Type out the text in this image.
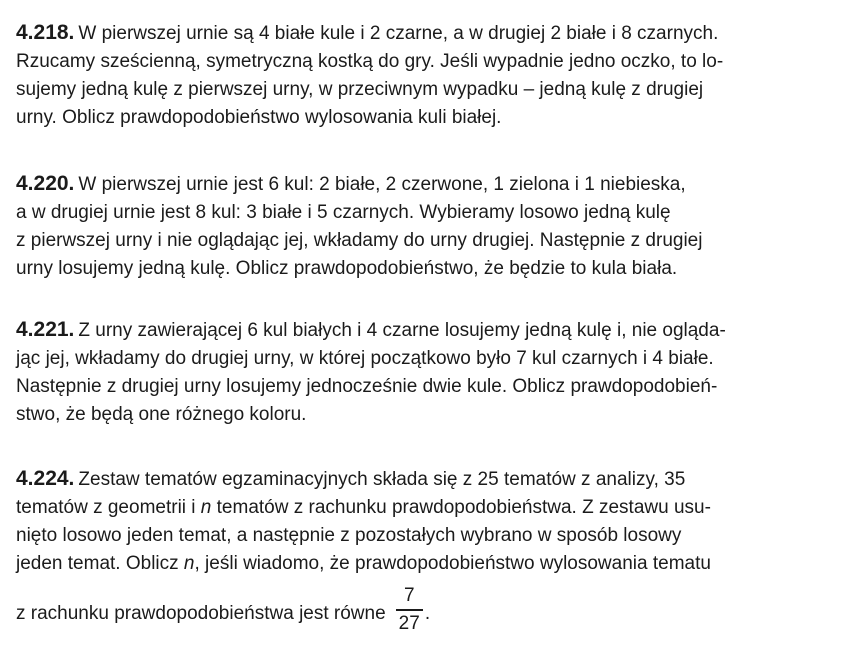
4.218. W pierwszej urnie są 4 białe kule i 2 czarne, a w drugiej 2 białe i 8 czarnych.
Rzucamy sześcienną, symetryczną kostką do gry. Jeśli wypadnie jedno oczko, to lo-
sujemy jedną kulę z pierwszej urny, w przeciwnym wypadku – jedną kulę z drugiej
urny. Oblicz prawdopodobieństwo wylosowania kuli białej.
4.220. W pierwszej urnie jest 6 kul: 2 białe, 2 czerwone, 1 zielona i 1 niebieska,
a w drugiej urnie jest 8 kul: 3 białe i 5 czarnych. Wybieramy losowo jedną kulę
z pierwszej urny i nie oglądając jej, wkładamy do urny drugiej. Następnie z drugiej
urny losujemy jedną kulę. Oblicz prawdopodobieństwo, że będzie to kula biała.
4.221. Z urny zawierającej 6 kul białych i 4 czarne losujemy jedną kulę i, nie ogląda-
jąc jej, wkładamy do drugiej urny, w której początkowo było 7 kul czarnych i 4 białe.
Następnie z drugiej urny losujemy jednocześnie dwie kule. Oblicz prawdopodobień-
stwo, że będą one różnego koloru.
4.224. Zestaw tematów egzaminacyjnych składa się z 25 tematów z analizy, 35
tematów z geometrii i n tematów z rachunku prawdopodobieństwa. Z zestawu usu-
nięto losowo jeden temat, a następnie z pozostałych wybrano w sposób losowy
jeden temat. Oblicz n, jeśli wiadomo, że prawdopodobieństwo wylosowania tematu
z rachunku prawdopodobieństwa jest równe $\frac{7}{27}$ .
